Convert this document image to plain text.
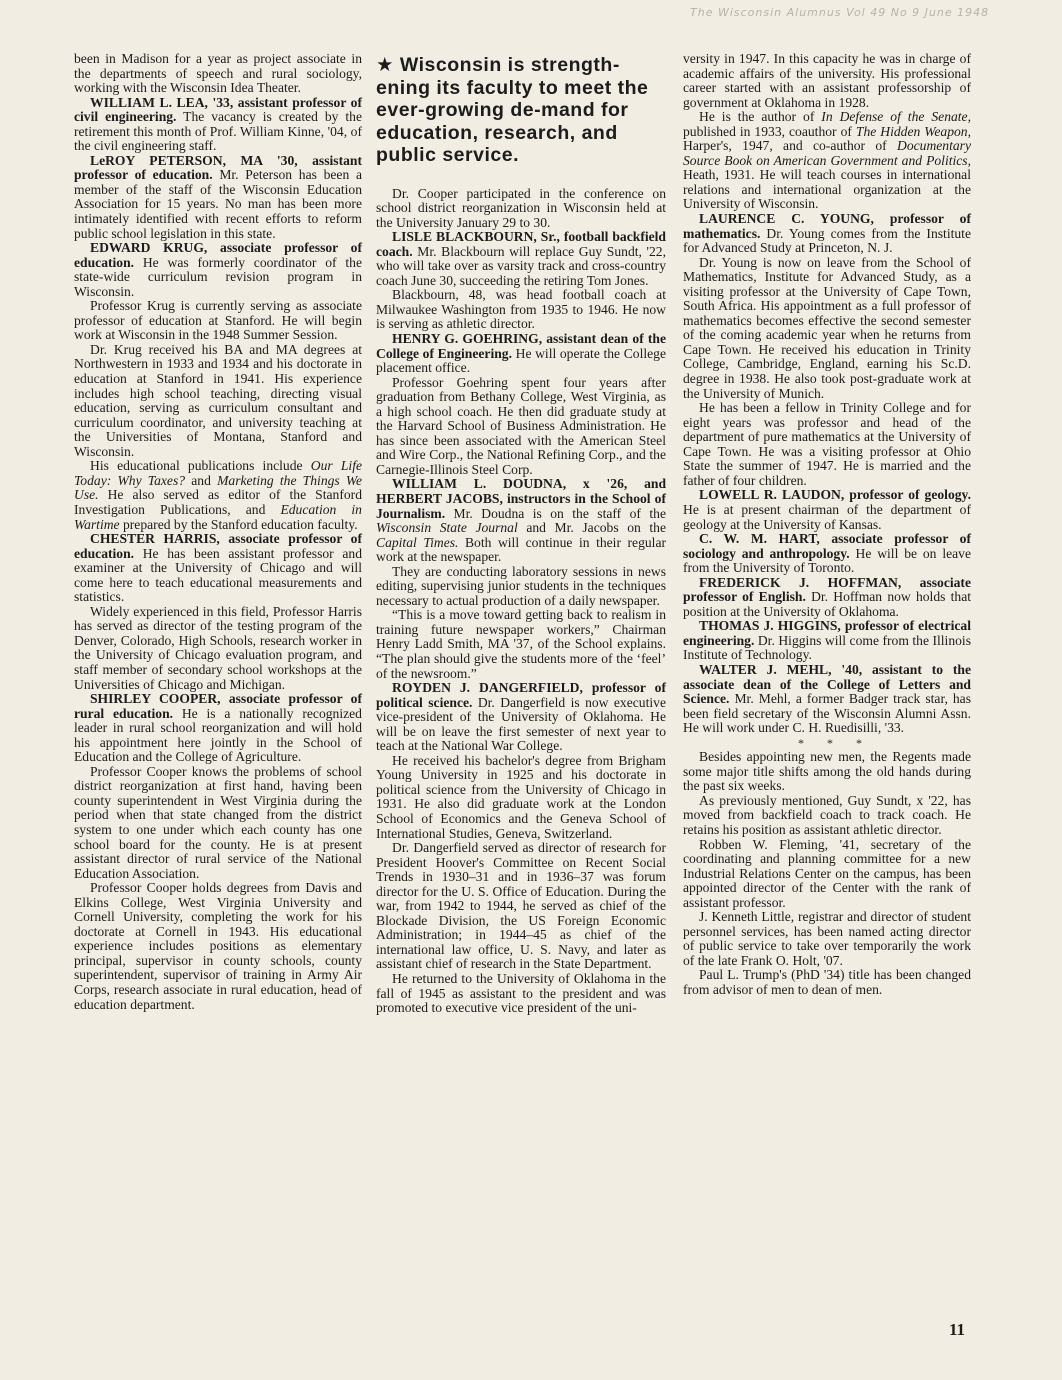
The Wisconsin Alumnus Vol 49 No 9 June 1948

been in Madison for a year as project associate in the departments of speech and rural sociology, working with the Wisconsin Idea Theater.

WILLIAM L. LEA, '33, assistant professor of civil engineering. The vacancy is created by the retirement this month of Prof. William Kinne, '04, of the civil engineering staff.

LeROY PETERSON, MA '30, assistant professor of education. Mr. Peterson has been a member of the staff of the Wisconsin Education Association for 15 years. No man has been more intimately identified with recent efforts to reform public school legislation in this state.

EDWARD KRUG, associate professor of education. He was formerly coordinator of the state-wide curriculum revision program in Wisconsin.

Professor Krug is currently serving as associate professor of education at Stanford. He will begin work at Wisconsin in the 1948 Summer Session.

Dr. Krug received his BA and MA degrees at Northwestern in 1933 and 1934 and his doctorate in education at Stanford in 1941. His experience includes high school teaching, directing visual education, serving as curriculum consultant and curriculum coordinator, and university teaching at the Universities of Montana, Stanford and Wisconsin.

His educational publications include Our Life Today: Why Taxes? and Marketing the Things We Use. He also served as editor of the Stanford Investigation Publications, and Education in Wartime prepared by the Stanford education faculty.

CHESTER HARRIS, associate professor of education. He has been assistant professor and examiner at the University of Chicago and will come here to teach educational measurements and statistics.

Widely experienced in this field, Professor Harris has served as director of the testing program of the Denver, Colorado, High Schools, research worker in the University of Chicago evaluation program, and staff member of secondary school workshops at the Universities of Chicago and Michigan.

SHIRLEY COOPER, associate professor of rural education. He is a nationally recognized leader in rural school reorganization and will hold his appointment here jointly in the School of Education and the College of Agriculture.

Professor Cooper knows the problems of school district reorganization at first hand, having been county superintendent in West Virginia during the period when that state changed from the district system to one under which each county has one school board for the county. He is at present assistant director of rural service of the National Education Association.

Professor Cooper holds degrees from Davis and Elkins College, West Virginia University and Cornell University, completing the work for his doctorate at Cornell in 1943. His educational experience includes positions as elementary principal, supervisor in county schools, county superintendent, supervisor of training in Army Air Corps, research associate in rural education, head of education department.

★ Wisconsin is strength-ening its faculty to meet the ever-growing de-mand for education, research, and public service.

Dr. Cooper participated in the conference on school district reorganization in Wisconsin held at the University January 29 to 30.

LISLE BLACKBOURN, Sr., football backfield coach. Mr. Blackbourn will replace Guy Sundt, '22, who will take over as varsity track and cross-country coach June 30, succeeding the retiring Tom Jones.

Blackbourn, 48, was head football coach at Milwaukee Washington from 1935 to 1946. He now is serving as athletic director.

HENRY G. GOEHRING, assistant dean of the College of Engineering. He will operate the College placement office.

Professor Goehring spent four years after graduation from Bethany College, West Virginia, as a high school coach. He then did graduate study at the Harvard School of Business Administration. He has since been associated with the American Steel and Wire Corp., the National Refining Corp., and the Carnegie-Illinois Steel Corp.

WILLIAM L. DOUDNA, x '26, and HERBERT JACOBS, instructors in the School of Journalism. Mr. Doudna is on the staff of the Wisconsin State Journal and Mr. Jacobs on the Capital Times. Both will continue in their regular work at the newspaper.

They are conducting laboratory sessions in news editing, supervising junior students in the techniques necessary to actual production of a daily newspaper.

“This is a move toward getting back to realism in training future newspaper workers,” Chairman Henry Ladd Smith, MA '37, of the School explains. “The plan should give the students more of the ‘feel’ of the newsroom.”

ROYDEN J. DANGERFIELD, professor of political science. Dr. Dangerfield is now executive vice-president of the University of Oklahoma. He will be on leave the first semester of next year to teach at the National War College.

He received his bachelor's degree from Brigham Young University in 1925 and his doctorate in political science from the University of Chicago in 1931. He also did graduate work at the London School of Economics and the Geneva School of International Studies, Geneva, Switzerland.

Dr. Dangerfield served as director of research for President Hoover's Committee on Recent Social Trends in 1930–31 and in 1936–37 was forum director for the U. S. Office of Education. During the war, from 1942 to 1944, he served as chief of the Blockade Division, the US Foreign Economic Administration; in 1944–45 as chief of the international law office, U. S. Navy, and later as assistant chief of research in the State Department.

He returned to the University of Oklahoma in the fall of 1945 as assistant to the president and was promoted to executive vice president of the uni-

versity in 1947. In this capacity he was in charge of academic affairs of the university. His professional career started with an assistant professorship of government at Oklahoma in 1928.

He is the author of In Defense of the Senate, published in 1933, coauthor of The Hidden Weapon, Harper's, 1947, and co-author of Documentary Source Book on American Government and Politics, Heath, 1931. He will teach courses in international relations and international organization at the University of Wisconsin.

LAURENCE C. YOUNG, professor of mathematics. Dr. Young comes from the Institute for Advanced Study at Princeton, N. J.

Dr. Young is now on leave from the School of Mathematics, Institute for Advanced Study, as a visiting professor at the University of Cape Town, South Africa. His appointment as a full professor of mathematics becomes effective the second semester of the coming academic year when he returns from Cape Town. He received his education in Trinity College, Cambridge, England, earning his Sc.D. degree in 1938. He also took post-graduate work at the University of Munich.

He has been a fellow in Trinity College and for eight years was professor and head of the department of pure mathematics at the University of Cape Town. He was a visiting professor at Ohio State the summer of 1947. He is married and the father of four children.

LOWELL R. LAUDON, professor of geology. He is at present chairman of the department of geology at the University of Kansas.

C. W. M. HART, associate professor of sociology and anthropology. He will be on leave from the University of Toronto.

FREDERICK J. HOFFMAN, associate professor of English. Dr. Hoffman now holds that position at the University of Oklahoma.

THOMAS J. HIGGINS, professor of electrical engineering. Dr. Higgins will come from the Illinois Institute of Technology.

WALTER J. MEHL, '40, assistant to the associate dean of the College of Letters and Science. Mr. Mehl, a former Badger track star, has been field secretary of the Wisconsin Alumni Assn. He will work under C. H. Ruedisilli, '33.

* * *

Besides appointing new men, the Regents made some major title shifts among the old hands during the past six weeks.

As previously mentioned, Guy Sundt, x '22, has moved from backfield coach to track coach. He retains his position as assistant athletic director.

Robben W. Fleming, '41, secretary of the coordinating and planning committee for a new Industrial Relations Center on the campus, has been appointed director of the Center with the rank of assistant professor.

J. Kenneth Little, registrar and director of student personnel services, has been named acting director of public service to take over temporarily the work of the late Frank O. Holt, '07.

Paul L. Trump's (PhD '34) title has been changed from advisor of men to dean of men.

11
